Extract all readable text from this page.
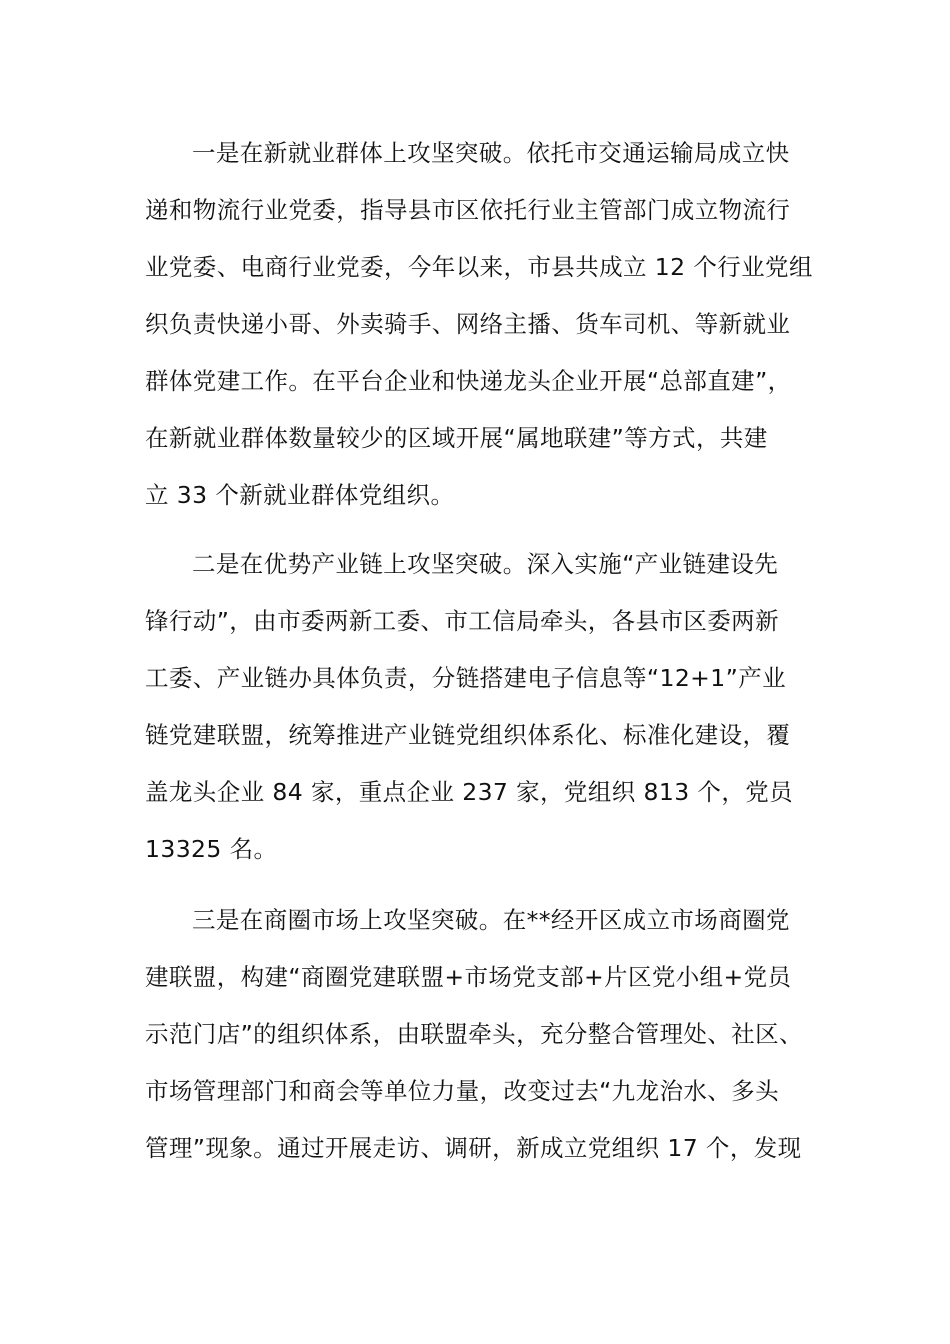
一是在新就业群体上攻坚突破。依托市交通运输局成立快
递和物流行业党委，指导县市区依托行业主管部门成立物流行
业党委、电商行业党委，今年以来，市县共成立 12 个行业党组
织负责快递小哥、外卖骑手、网络主播、货车司机、等新就业
群体党建工作。在平台企业和快递龙头企业开展“总部直建”，
在新就业群体数量较少的区域开展“属地联建”等方式，共建
立 33 个新就业群体党组织。
二是在优势产业链上攻坚突破。深入实施“产业链建设先
锋行动”，由市委两新工委、市工信局牵头，各县市区委两新
工委、产业链办具体负责，分链搭建电子信息等“12+1”产业
链党建联盟，统筹推进产业链党组织体系化、标准化建设，覆
盖龙头企业 84 家，重点企业 237 家，党组织 813 个，党员
13325 名。
三是在商圈市场上攻坚突破。在**经开区成立市场商圈党
建联盟，构建“商圈党建联盟+市场党支部+片区党小组+党员
示范门店”的组织体系，由联盟牵头，充分整合管理处、社区、
市场管理部门和商会等单位力量，改变过去“九龙治水、多头
管理”现象。通过开展走访、调研，新成立党组织 17 个，发现
